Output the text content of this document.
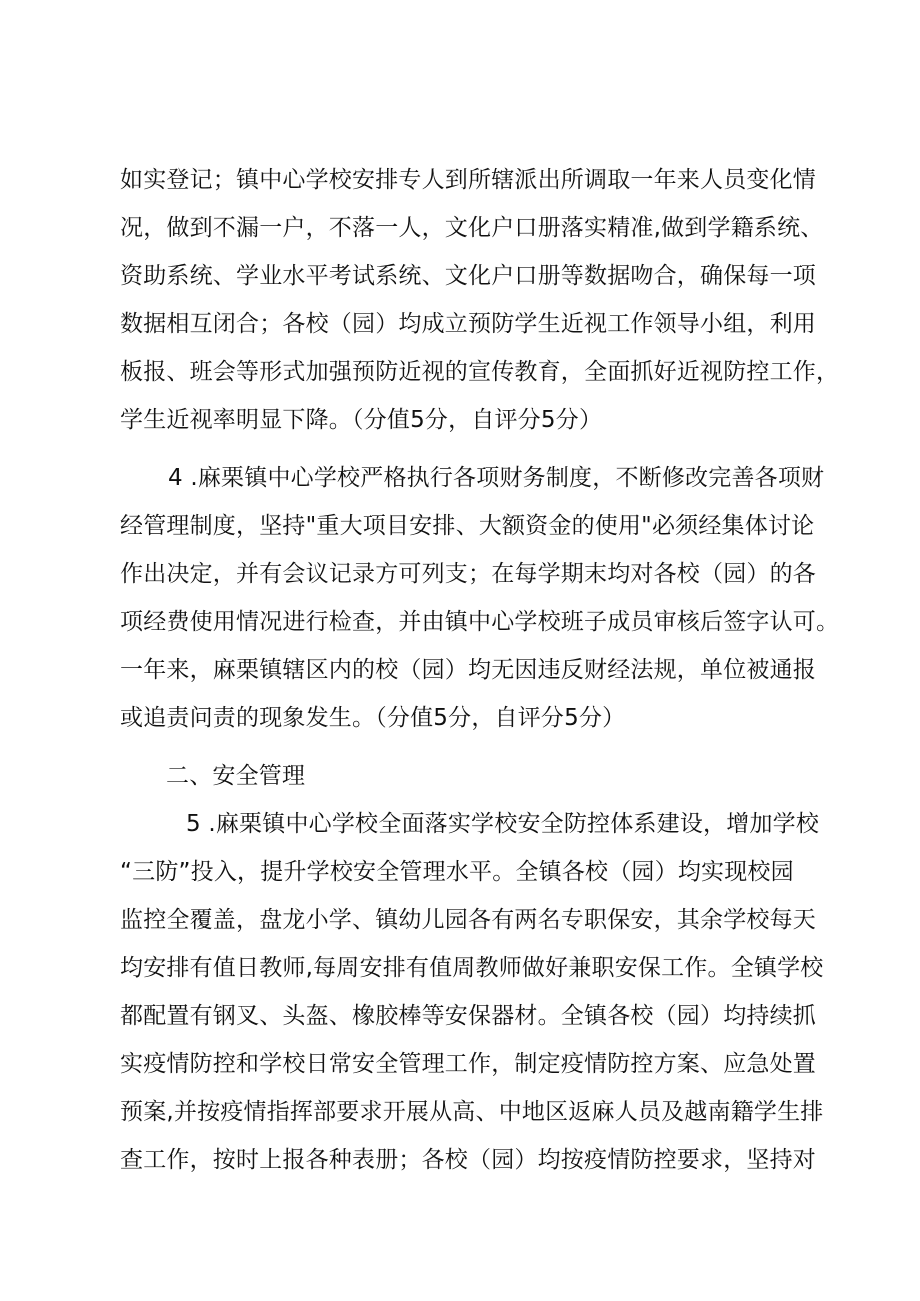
如实登记；镇中心学校安排专人到所辖派出所调取一年来人员变化情
况，做到不漏一户，不落一人，文化户口册落实精准,做到学籍系统、
资助系统、学业水平考试系统、文化户口册等数据吻合，确保每一项
数据相互闭合；各校（园）均成立预防学生近视工作领导小组，利用
板报、班会等形式加强预防近视的宣传教育，全面抓好近视防控工作，
学生近视率明显下降。（分值5分，自评分5分）
4 .麻栗镇中心学校严格执行各项财务制度，不断修改完善各项财
经管理制度，坚持"重大项目安排、大额资金的使用"必须经集体讨论
作出决定，并有会议记录方可列支；在每学期末均对各校（园）的各
项经费使用情况进行检查，并由镇中心学校班子成员审核后签字认可。
一年来，麻栗镇辖区内的校（园）均无因违反财经法规，单位被通报
或追责问责的现象发生。（分值5分，自评分5分）
二、安全管理
5 .麻栗镇中心学校全面落实学校安全防控体系建设，增加学校
“三防”投入，提升学校安全管理水平。全镇各校（园）均实现校园
监控全覆盖，盘龙小学、镇幼儿园各有两名专职保安，其余学校每天
均安排有值日教师,每周安排有值周教师做好兼职安保工作。全镇学校
都配置有钢叉、头盔、橡胶棒等安保器材。全镇各校（园）均持续抓
实疫情防控和学校日常安全管理工作，制定疫情防控方案、应急处置
预案,并按疫情指挥部要求开展从高、中地区返麻人员及越南籍学生排
查工作，按时上报各种表册；各校（园）均按疫情防控要求，坚持对
